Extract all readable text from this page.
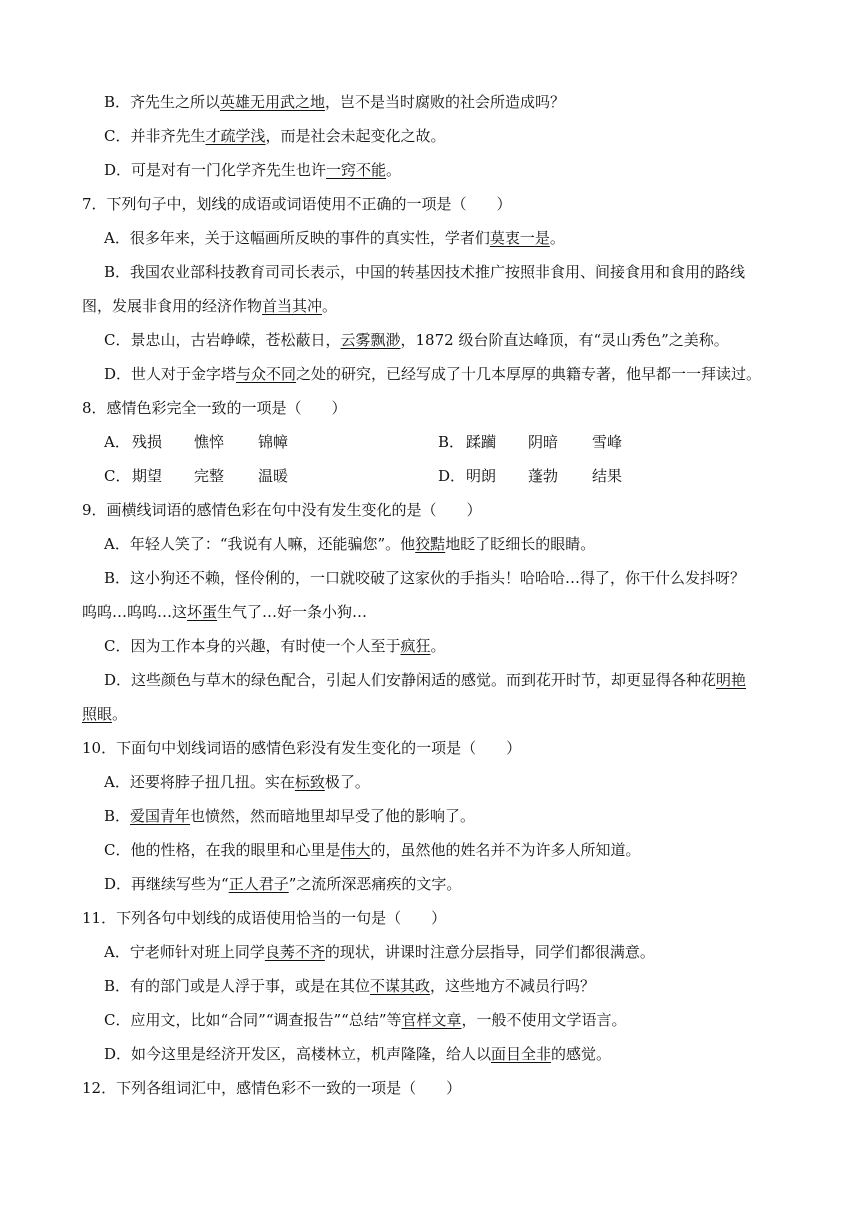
B．齐先生之所以英雄无用武之地，岂不是当时腐败的社会所造成吗？
C．并非齐先生才疏学浅，而是社会未起变化之故。
D．可是对有一门化学齐先生也许一窍不能。
7．下列句子中，划线的成语或词语使用不正确的一项是（　　）
A．很多年来，关于这幅画所反映的事件的真实性，学者们莫衷一是。
B．我国农业部科技教育司司长表示，中国的转基因技术推广按照非食用、间接食用和食用的路线
图，发展非食用的经济作物首当其冲。
C．景忠山，古岩峥嵘，苍松蔽日，云雾飘渺，1872 级台阶直达峰顶，有“灵山秀色”之美称。
D．世人对于金字塔与众不同之处的研究，已经写成了十几本厚厚的典籍专著，他早都一一拜读过。
8．感情色彩完全一致的一项是（　　）
A． 残损 憔悴 锦幛	B． 蹂躏 阴暗 雪峰
C． 期望 完整 温暖	D． 明朗 蓬勃 结果
9．画横线词语的感情色彩在句中没有发生变化的是（　　）
A．年轻人笑了：“我说有人嘛，还能骗您”。他狡黠地眨了眨细长的眼睛。
B．这小狗还不赖，怪伶俐的，一口就咬破了这家伙的手指头！哈哈哈…得了，你干什么发抖呀？
呜呜…呜呜…这坏蛋生气了…好一条小狗…
C．因为工作本身的兴趣，有时使一个人至于疯狂。
D．这些颜色与草木的绿色配合，引起人们安静闲适的感觉。而到花开时节，却更显得各种花明艳
照眼。
10．下面句中划线词语的感情色彩没有发生变化的一项是（　　）
A．还要将脖子扭几扭。实在标致极了。
B．爱国青年也愤然，然而暗地里却早受了他的影响了。
C．他的性格，在我的眼里和心里是伟大的，虽然他的姓名并不为许多人所知道。
D．再继续写些为“正人君子”之流所深恶痛疾的文字。
11．下列各句中划线的成语使用恰当的一句是（　　）
A．宁老师针对班上同学良莠不齐的现状，讲课时注意分层指导，同学们都很满意。
B．有的部门或是人浮于事，或是在其位不谋其政，这些地方不减员行吗？
C．应用文，比如“合同”“调查报告”“总结”等官样文章，一般不使用文学语言。
D．如今这里是经济开发区，高楼林立，机声隆隆，给人以面目全非的感觉。
12．下列各组词汇中，感情色彩不一致的一项是（　　）
